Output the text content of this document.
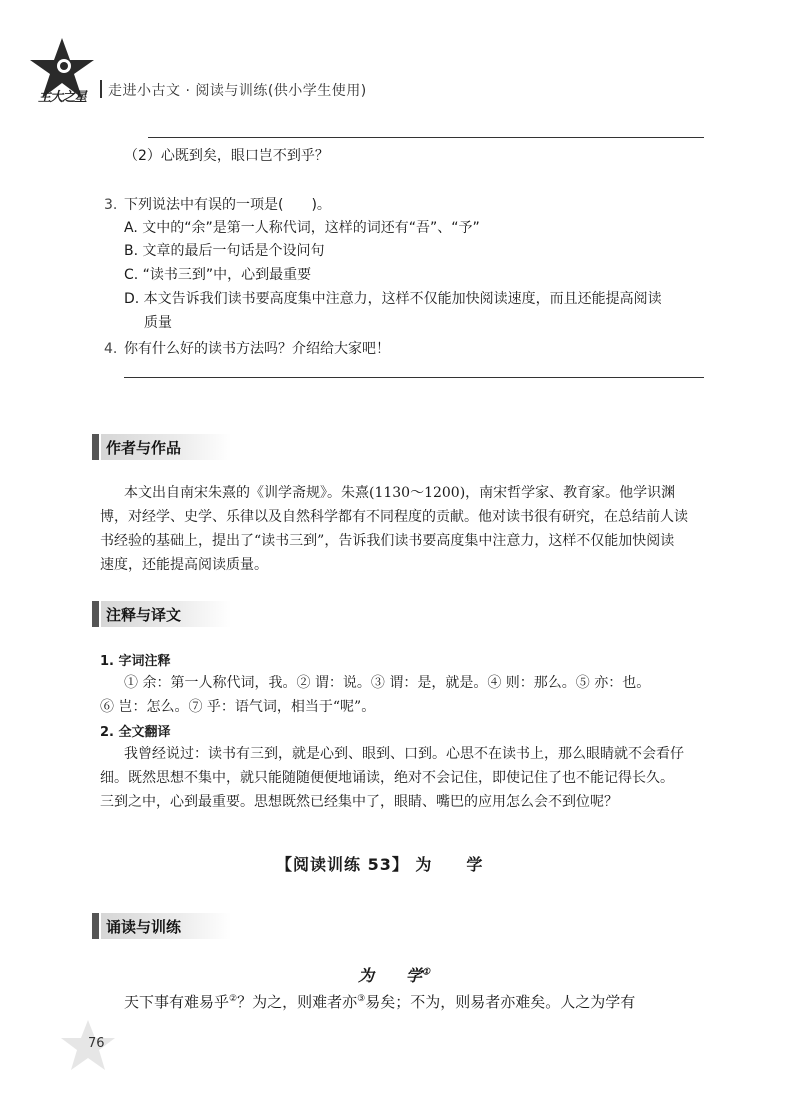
主大之星 走进小古文 · 阅读与训练(供小学生使用)
（2）心既到矣，眼口岂不到乎？
3. 下列说法中有误的一项是(　　)。
A. 文中的“余”是第一人称代词，这样的词还有“吾”、“予”
B. 文章的最后一句话是个设问句
C. “读书三到”中，心到最重要
D. 本文告诉我们读书要高度集中注意力，这样不仅能加快阅读速度，而且还能提高阅读
质量
4. 你有什么好的读书方法吗？介绍给大家吧！
作者与作品
本文出自南宋朱熹的《训学斋规》。朱熹(1130～1200)，南宋哲学家、教育家。他学识渊
博，对经学、史学、乐律以及自然科学都有不同程度的贡献。他对读书很有研究，在总结前人读
书经验的基础上，提出了“读书三到”，告诉我们读书要高度集中注意力，这样不仅能加快阅读
速度，还能提高阅读质量。
注释与译文
1. 字词注释
① 余：第一人称代词，我。② 谓：说。③ 谓：是，就是。④ 则：那么。⑤ 亦：也。
⑥ 岂：怎么。⑦ 乎：语气词，相当于“呢”。
2. 全文翻译
我曾经说过：读书有三到，就是心到、眼到、口到。心思不在读书上，那么眼睛就不会看仔
细。既然思想不集中，就只能随随便便地诵读，绝对不会记住，即使记住了也不能记得长久。
三到之中，心到最重要。思想既然已经集中了，眼睛、嘴巴的应用怎么会不到位呢？
【阅读训练 53】 为　　学
诵读与训练
为　　学①
天下事有难易乎②？为之，则难者亦③易矣；不为，则易者亦难矣。人之为学有
76
